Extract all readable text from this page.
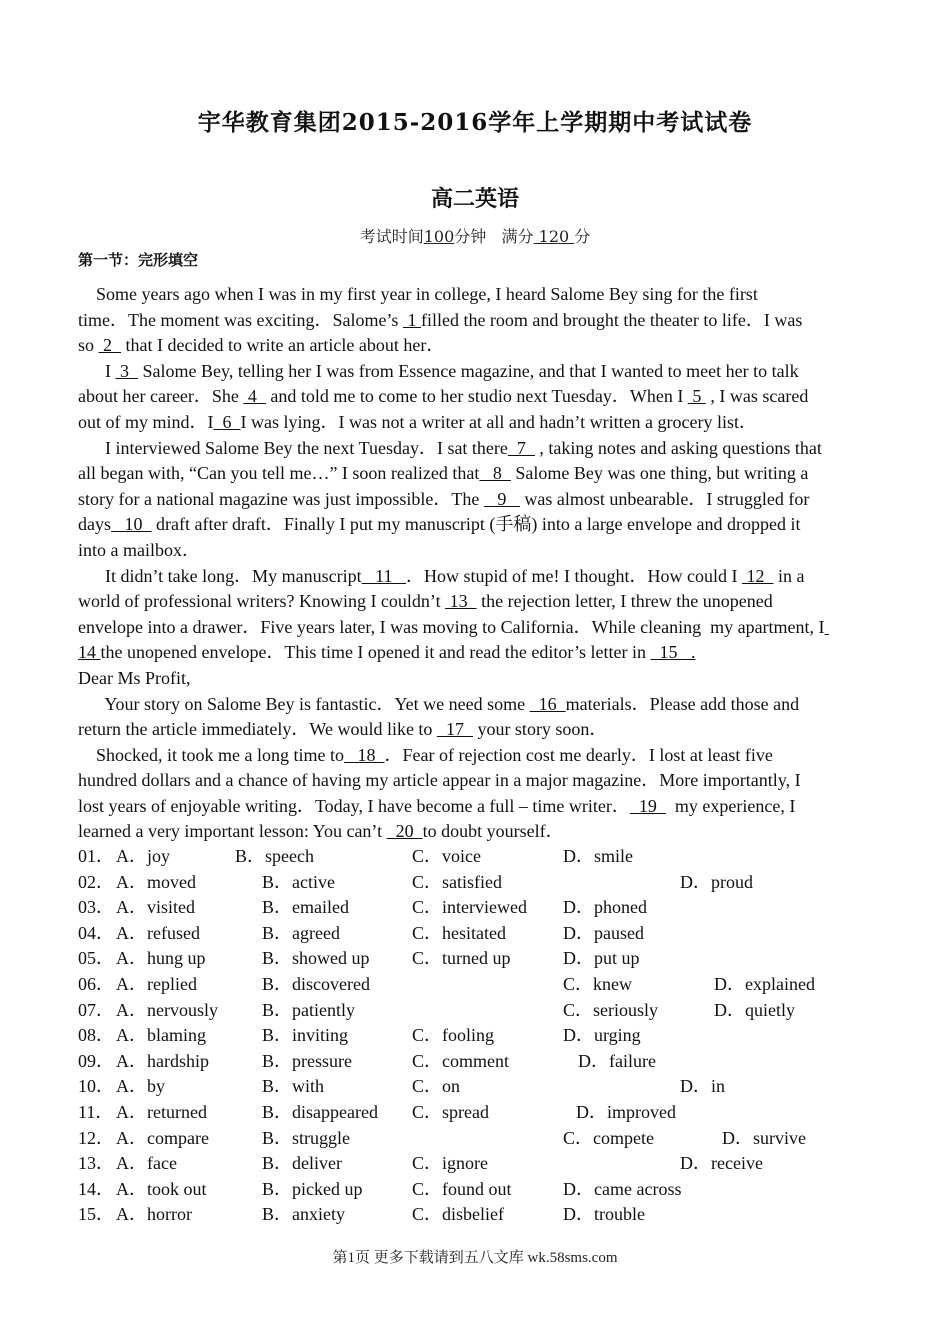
宇华教育集团2015-2016学年上学期期中考试试卷
高二英语
考试时间100分钟 满分 120 分
第一节：完形填空
Some years ago when I was in my first year in college, I heard Salome Bey sing for the first
time．The moment was exciting．Salome’s  1 filled the room and brought the theater to life．I was
so  2   that I decided to write an article about her．
I  3   Salome Bey, telling her I was from Essence magazine, and that I wanted to meet her to talk
about her career．She  4   and told me to come to her studio next Tuesday．When I  5  , I was scared
out of my mind．I  6  I was lying．I was not a writer at all and hadn’t written a grocery list．
I interviewed Salome Bey the next Tuesday．I sat there  7   , taking notes and asking questions that
all began with, “Can you tell me…” I soon realized that   8   Salome Bey was one thing, but writing a
story for a national magazine was just impossible．The    9    was almost unbearable．I struggled for
days   10   draft after draft．Finally I put my manuscript (手稿) into a large envelope and dropped it
into a mailbox．
It didn’t take long．My manuscript   11   ．How stupid of me! I thought．How could I  12   in a
world of professional writers? Knowing I couldn’t  13   the rejection letter, I threw the unopened
envelope into a drawer．Five years later, I was moving to California．While cleaning  my apartment, I
14 the unopened envelope．This time I opened it and read the editor’s letter in   15   .
Dear Ms Profit,
Your story on Salome Bey is fantastic．Yet we need some   16  materials．Please add those and
return the article immediately．We would like to   17   your story soon．
Shocked, it took me a long time to   18  ．Fear of rejection cost me dearly．I lost at least five
hundred dollars and a chance of having my article appear in a major magazine．More importantly, I
lost years of enjoyable writing．Today, I have become a full – time writer．  19    my experience, I
learned a very important lesson: You can’t   20  to doubt yourself．
01． A．joy	B．speech	C．voice	D．smile
02． A．moved	B．active	C．satisfied	D．proud
03． A．visited	B．emailed	C．interviewed D．phoned
04． A．refused	B．agreed	C．hesitated	D．paused
05． A．hung up	B．showed up C．turned up	D．put up
06． A．replied	B．discovered	C．knew	D．explained
07． A．nervously B．patiently	C．seriously	D．quietly
08． A．blaming	B．inviting	C．fooling	D．urging
09． A．hardship	B．pressure	C．comment	D．failure
10． A．by	B．with	C．on	D．in
11． A．returned	B．disappeared C．spread	D．improved
12． A．compare	B．struggle	C．compete	D．survive
13． A．face	B．deliver	C．ignore	D．receive
14． A．took out	B．picked up	C．found out	D．came across
15． A．horror	B．anxiety	C．disbelief	D．trouble
第1页 更多下载请到五八文库 wk.58sms.com
